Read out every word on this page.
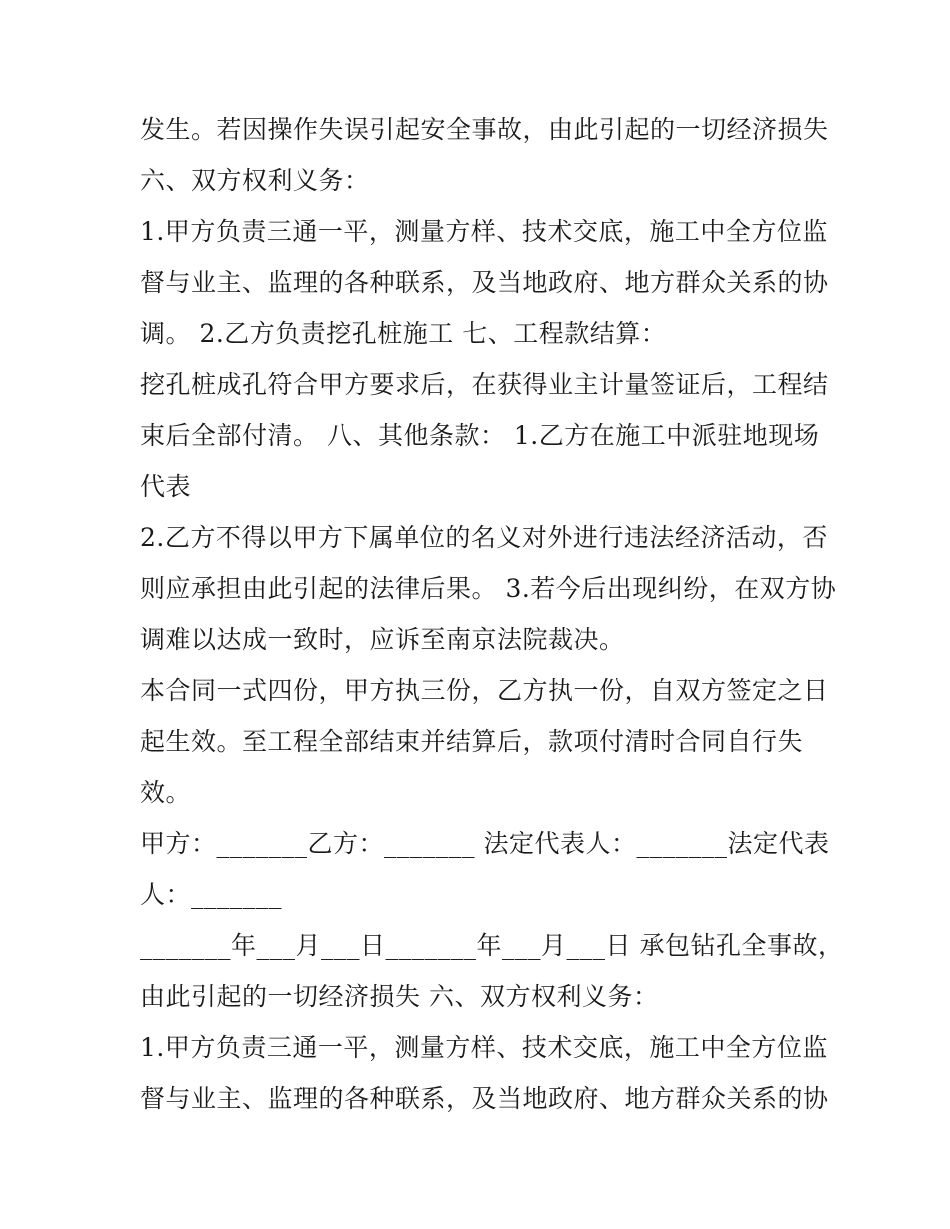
发生。若因操作失误引起安全事故，由此引起的一切经济损失
六、双方权利义务：
1.甲方负责三通一平，测量方样、技术交底，施工中全方位监
督与业主、监理的各种联系，及当地政府、地方群众关系的协
调。 2.乙方负责挖孔桩施工 七、工程款结算：
挖孔桩成孔符合甲方要求后，在获得业主计量签证后，工程结
束后全部付清。 八、其他条款： 1.乙方在施工中派驻地现场
代表
2.乙方不得以甲方下属单位的名义对外进行违法经济活动，否
则应承担由此引起的法律后果。 3.若今后出现纠纷，在双方协
调难以达成一致时，应诉至南京法院裁决。
本合同一式四份，甲方执三份，乙方执一份，自双方签定之日
起生效。至工程全部结束并结算后，款项付清时合同自行失
效。
甲方：_______乙方：_______ 法定代表人：_______法定代表
人：_______
_______年___月___日_______年___月___日 承包钻孔全事故，
由此引起的一切经济损失 六、双方权利义务：
1.甲方负责三通一平，测量方样、技术交底，施工中全方位监
督与业主、监理的各种联系，及当地政府、地方群众关系的协
